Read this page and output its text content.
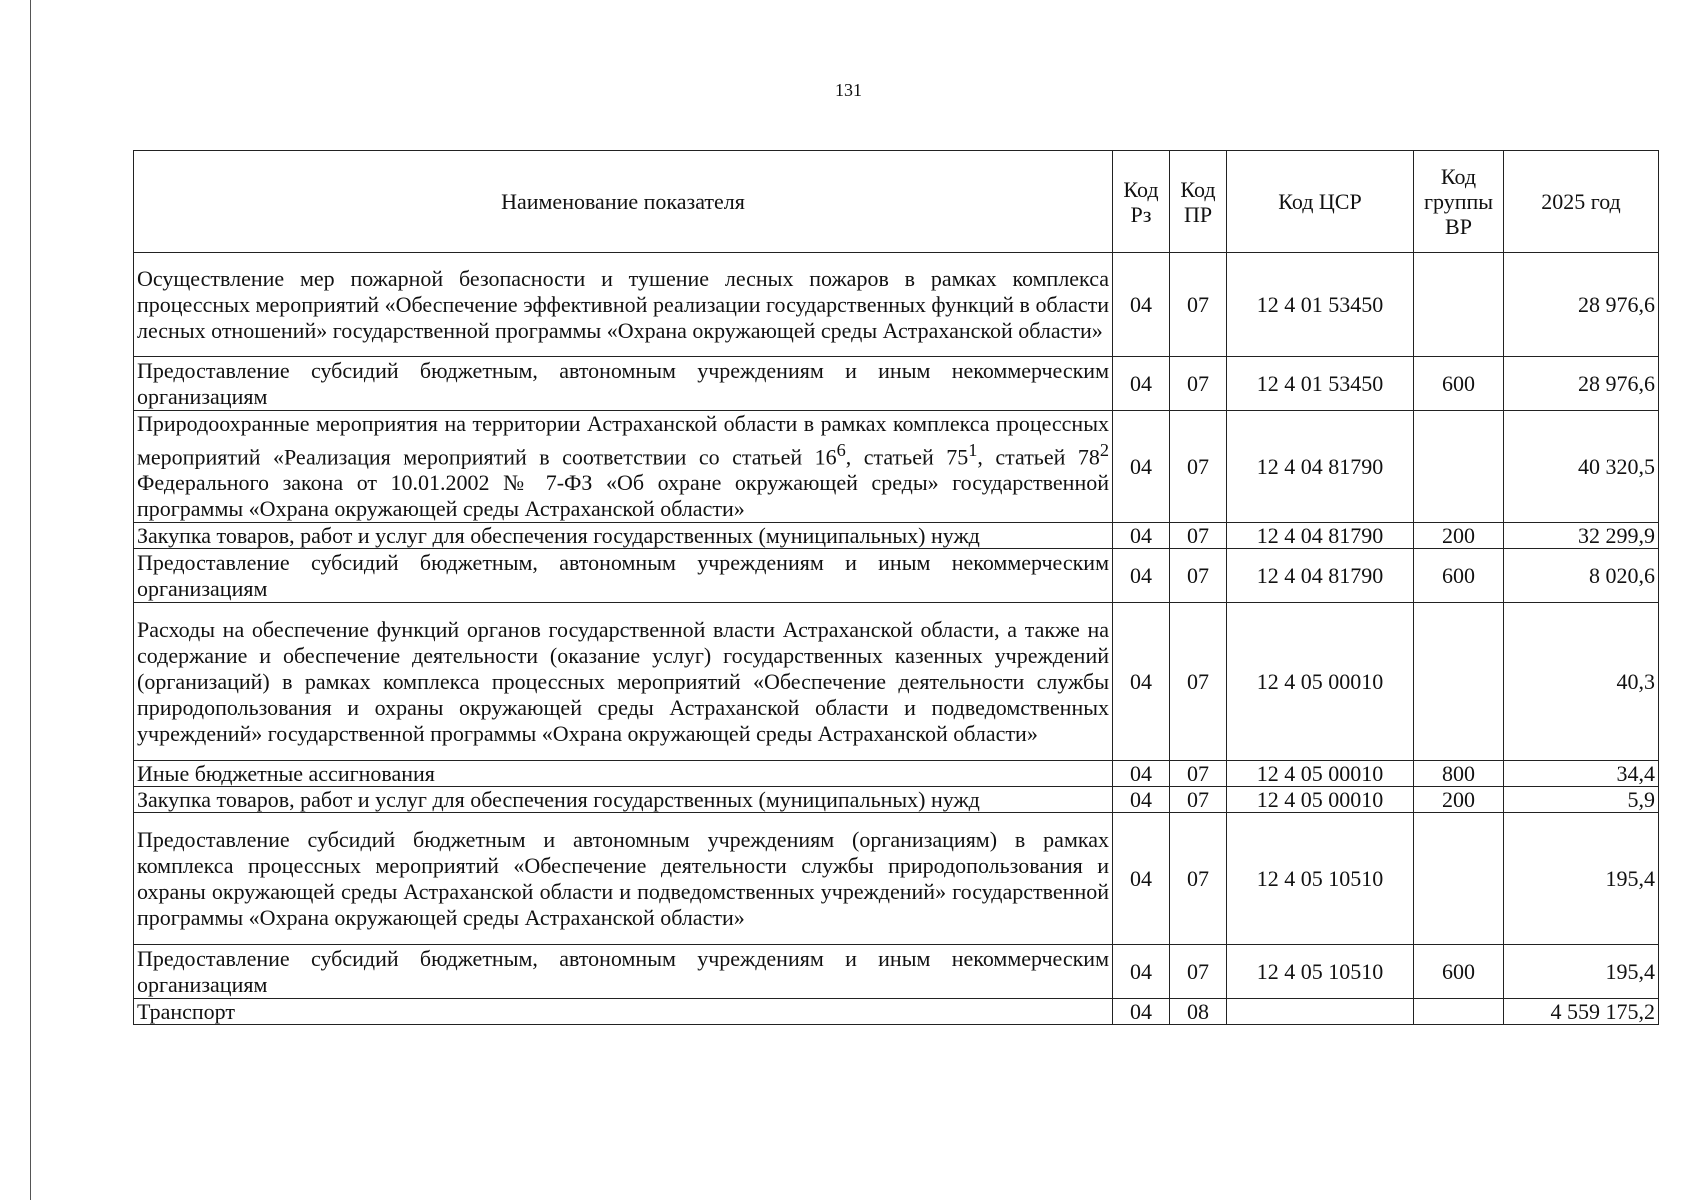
131
Наименование показателя	Код Рз	Код ПР	Код ЦСР	Код группы ВР	2025 год
Осуществление мер пожарной безопасности и тушение лесных пожаров в рамках комплекса процессных мероприятий «Обеспечение эффективной реализации государственных функций в области лесных отношений» государственной программы «Охрана окружающей среды Астраханской области»	04	07	12 4 01 53450		28 976,6
Предоставление субсидий бюджетным, автономным учреждениям и иным некоммерческим организациям	04	07	12 4 01 53450	600	28 976,6
Природоохранные мероприятия на территории Астраханской области в рамках комплекса процессных мероприятий «Реализация мероприятий в соответствии со статьей $16^6$, статьей $75^1$, статьей $78^2$ Федерального закона от 10.01.2002 № 7-ФЗ «Об охране окружающей среды» государственной программы «Охрана окружающей среды Астраханской области»	04	07	12 4 04 81790		40 320,5
Закупка товаров, работ и услуг для обеспечения государственных (муниципальных) нужд	04	07	12 4 04 81790	200	32 299,9
Предоставление субсидий бюджетным, автономным учреждениям и иным некоммерческим организациям	04	07	12 4 04 81790	600	8 020,6
Расходы на обеспечение функций органов государственной власти Астраханской области, а также на содержание и обеспечение деятельности (оказание услуг) государственных казенных учреждений (организаций) в рамках комплекса процессных мероприятий «Обеспечение деятельности службы природопользования и охраны окружающей среды Астраханской области и подведомственных учреждений» государственной программы «Охрана окружающей среды Астраханской области»	04	07	12 4 05 00010		40,3
Иные бюджетные ассигнования	04	07	12 4 05 00010	800	34,4
Закупка товаров, работ и услуг для обеспечения государственных (муниципальных) нужд	04	07	12 4 05 00010	200	5,9
Предоставление субсидий бюджетным и автономным учреждениям (организациям) в рамках комплекса процессных мероприятий «Обеспечение деятельности службы природопользования и охраны окружающей среды Астраханской области и подведомственных учреждений» государственной программы «Охрана окружающей среды Астраханской области»	04	07	12 4 05 10510		195,4
Предоставление субсидий бюджетным, автономным учреждениям и иным некоммерческим организациям	04	07	12 4 05 10510	600	195,4
Транспорт	04	08			4 559 175,2
